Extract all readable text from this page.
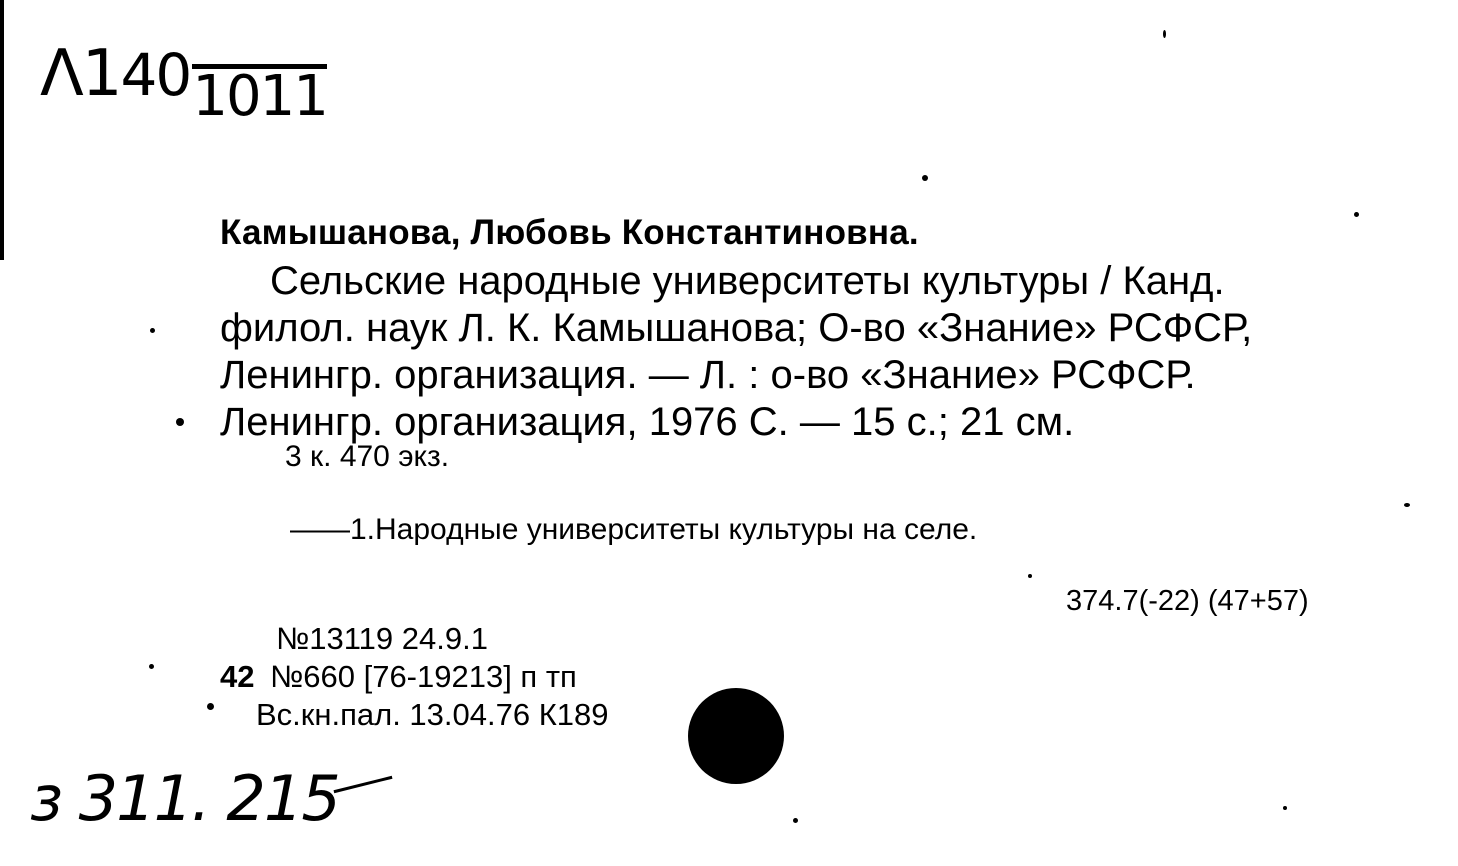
Λ1401011
Камышанова, Любовь Константиновна.
Сельские народные университеты культуры / Канд.
филол. наук Л. К. Камышанова; О-во «Знание» РСФСР,
Ленингр. организация. — Л. : о-во «Знание» РСФСР.
Ленингр. организация, 1976 С. — 15 с.; 21 см.
3 к. 470 экз.
——1.Народные университеты культуры на селе.
374.7(-22) (47+57)
№13119 24.9.1
42 №660 [76-19213] п тп
Вс.кн.пал. 13.04.76 К189
з 311. 215
